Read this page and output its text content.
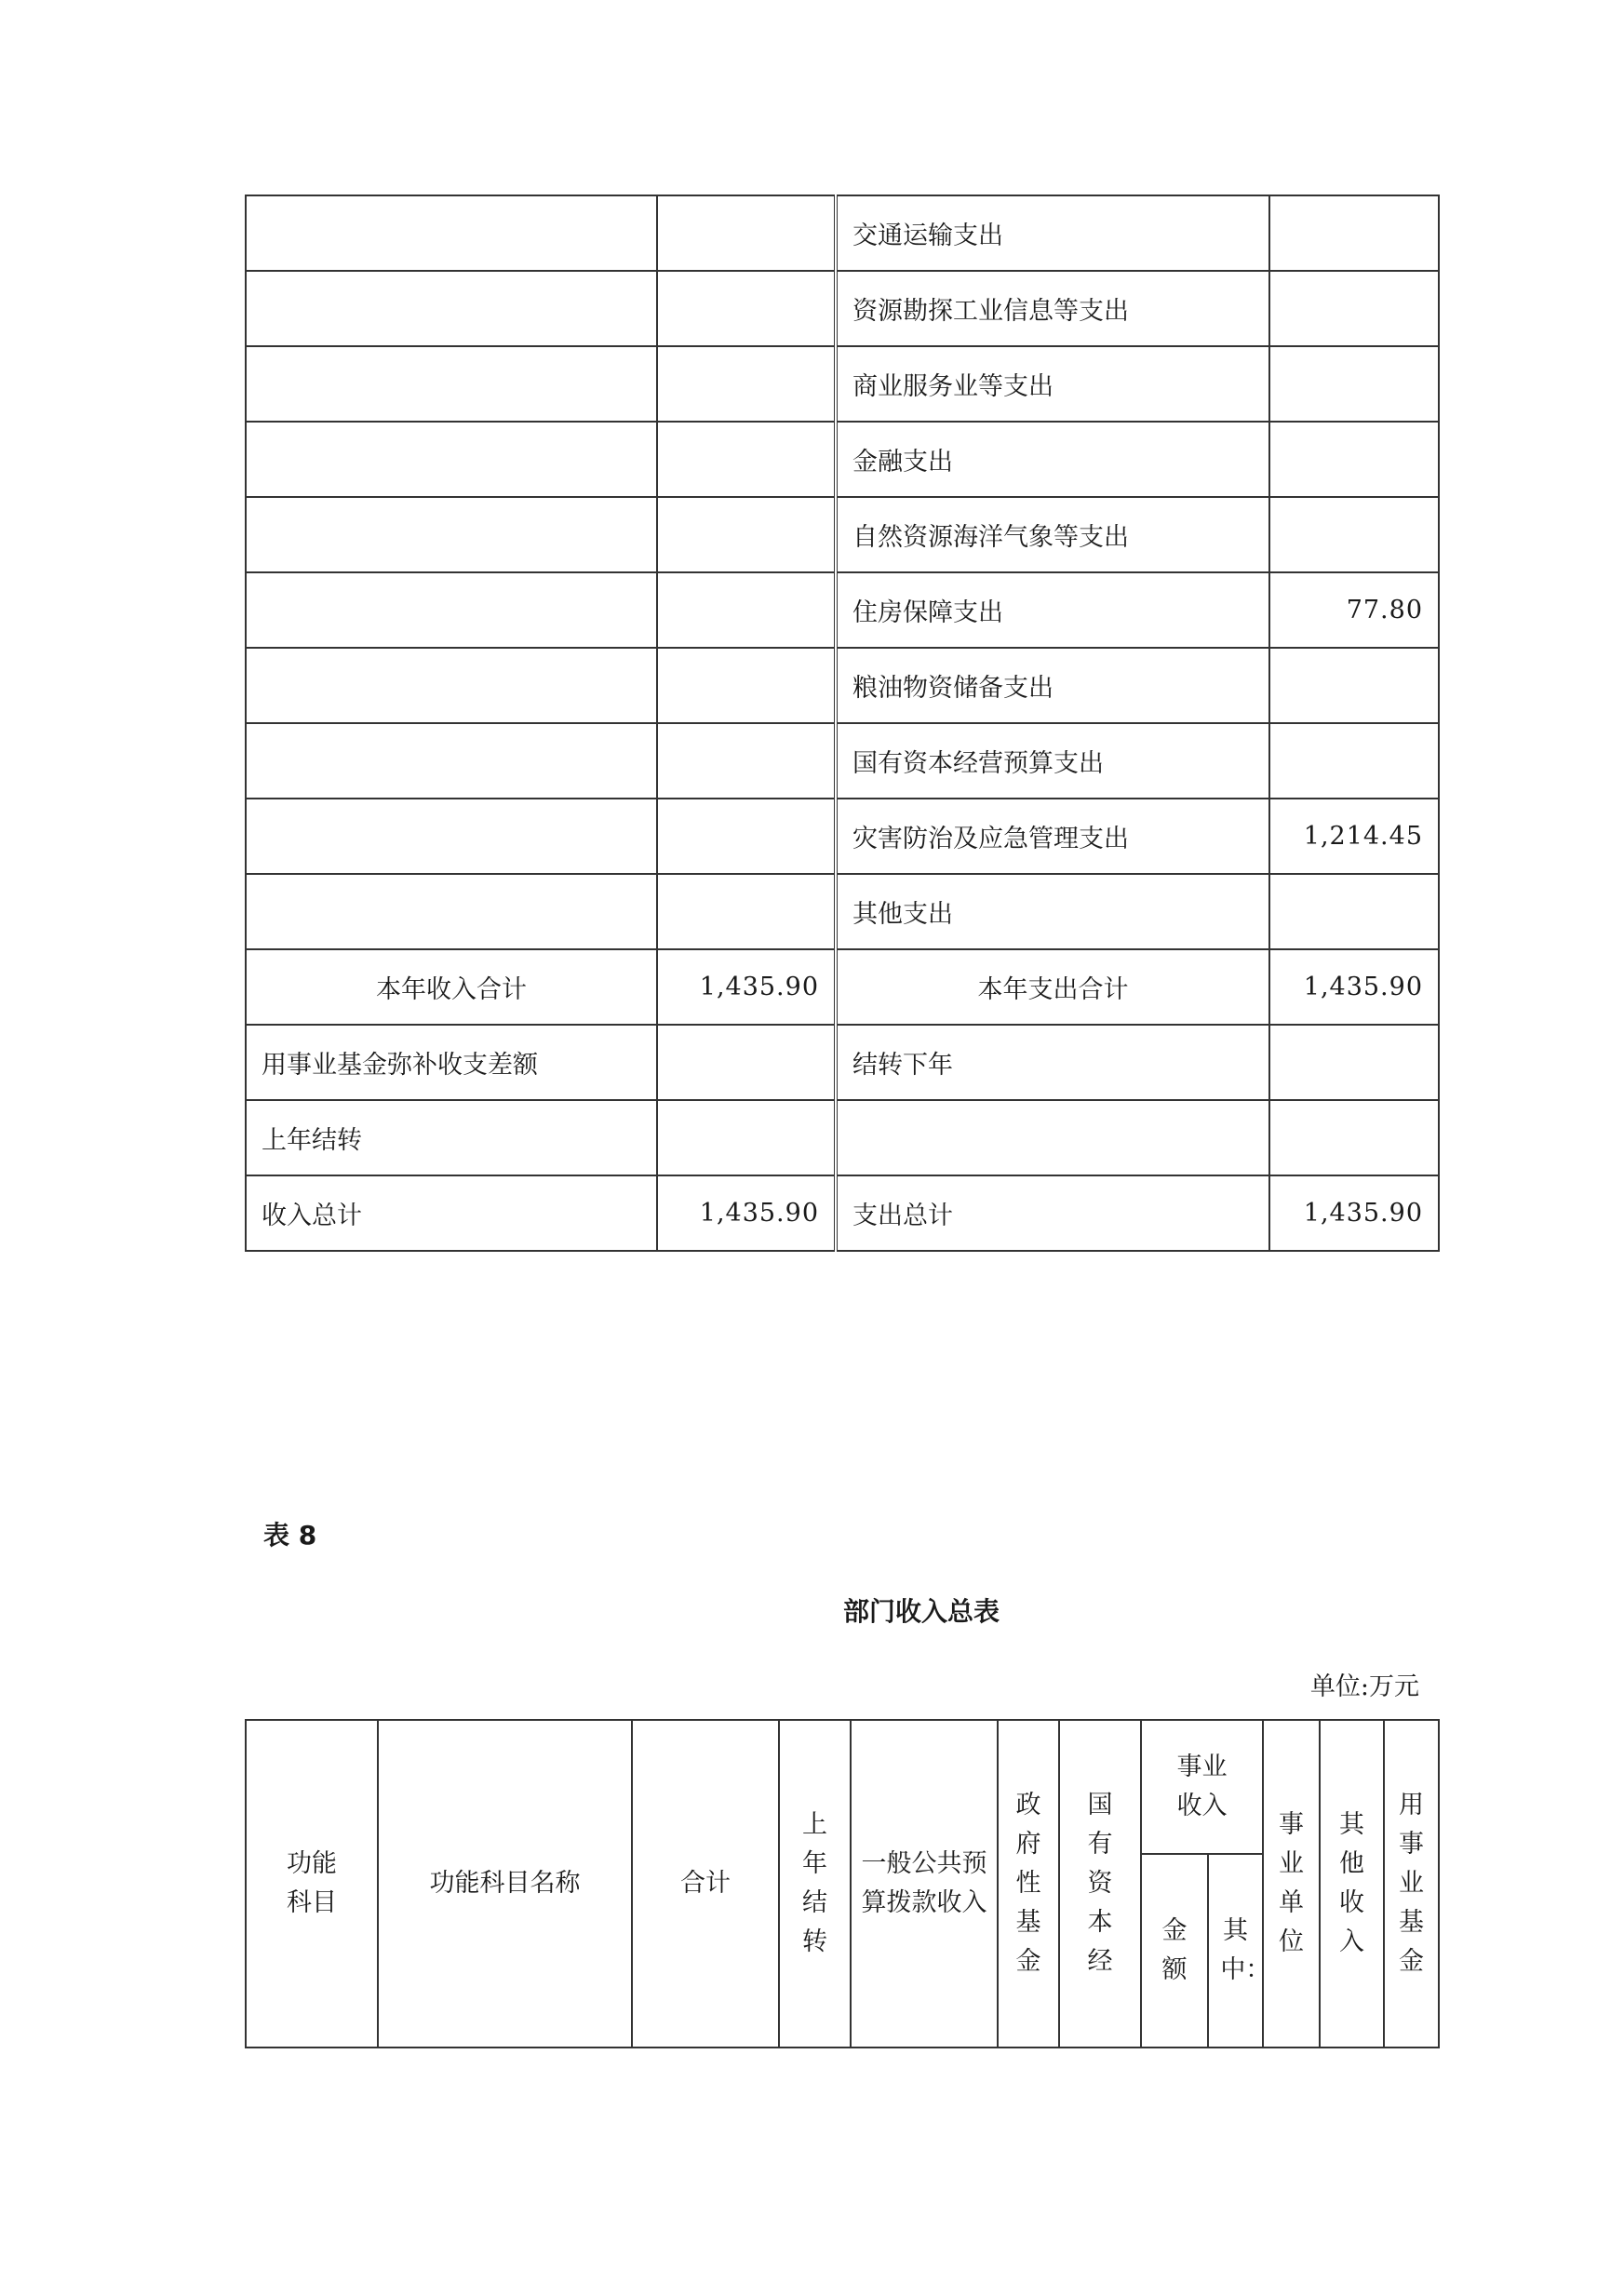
		交通运输支出	
		资源勘探工业信息等支出	
		商业服务业等支出	
		金融支出	
		自然资源海洋气象等支出	
		住房保障支出	77.80
		粮油物资储备支出	
		国有资本经营预算支出	
		灾害防治及应急管理支出	1,214.45
		其他支出	
本年收入合计	1,435.90	本年支出合计	1,435.90
用事业基金弥补收支差额		结转下年	
上年结转			
收入总计	1,435.90	支出总计	1,435.90
表 8
部门收入总表
单位:万元
功能科目	功能科目名称	合计	上年结转	一般公共预算拨款收入	政府性基金	国有资本经	事业收入		事业单位	其他收入	用事业基金
							金额	其中：			
